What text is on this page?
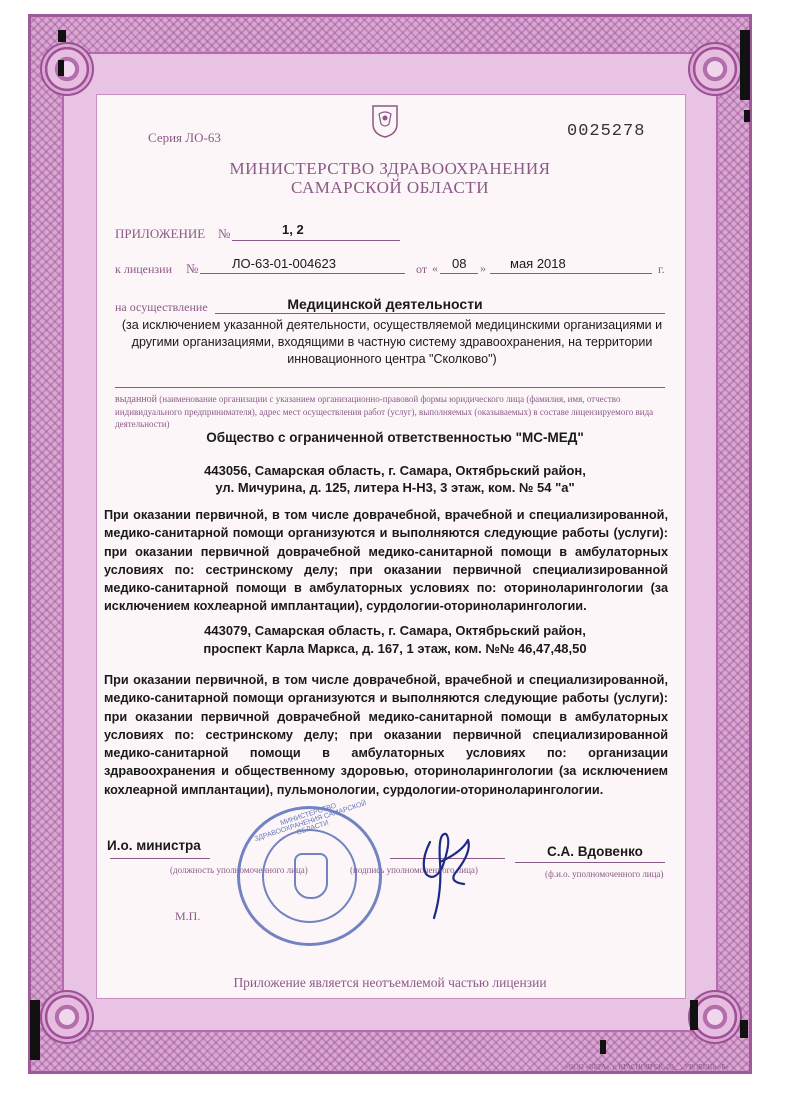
Серия ЛО-63	0025278
МИНИСТЕРСТВО ЗДРАВООХРАНЕНИЯ
САМАРСКОЙ ОБЛАСТИ
ПРИЛОЖЕНИЕ №	1, 2
к лицензии №	ЛО-63-01-004623	от « 08 » мая 2018	г.
на осуществление	Медицинской деятельности
(за исключением указанной деятельности, осуществляемой медицинскими организациями и другими организациями, входящими в частную систему здравоохранения, на территории инновационного центра "Сколково")
выданной (наименование организации с указанием организационно-правовой формы юридического лица (фамилия, имя, отчество индивидуального предпринимателя), адрес мест осуществления работ (услуг), выполняемых (оказываемых) в составе лицензируемого вида деятельности)
Общество с ограниченной ответственностью "МС-МЕД"
443056, Самарская область, г. Самара, Октябрьский район,
ул. Мичурина, д. 125, литера Н-Н3, 3 этаж, ком. № 54 "а"
При оказании первичной, в том числе доврачебной, врачебной и специализированной, медико-санитарной помощи организуются и выполняются следующие работы (услуги): при оказании первичной доврачебной медико-санитарной помощи в амбулаторных условиях по: сестринскому делу; при оказании первичной специализированной медико-санитарной помощи в амбулаторных условиях по: оториноларингологии (за исключением кохлеарной имплантации), сурдологии-оториноларингологии.
443079, Самарская область, г. Самара, Октябрьский район,
проспект Карла Маркса, д. 167, 1 этаж, ком. №№ 46,47,48,50
При оказании первичной, в том числе доврачебной, врачебной и специализированной, медико-санитарной помощи организуются и выполняются следующие работы (услуги): при оказании первичной доврачебной медико-санитарной помощи в амбулаторных условиях по: сестринскому делу; при оказании первичной специализированной медико-санитарной помощи в амбулаторных условиях по: организации здравоохранения и общественному здоровью, оториноларингологии (за исключением кохлеарной имплантации), пульмонологии, сурдологии-оториноларингологии.
И.о. министра
(должность уполномоченного лица)	(подпись уполномоченного лица)
С.А. Вдовенко
(ф.и.о. уполномоченного лица)
М.П.
МИНИСТЕРСТВО ЗДРАВООХРАНЕНИЯ САМАРСКОЙ ОБЛАСТИ
Приложение является неотъемлемой частью лицензии
«ООО «ВЕРА», г. КРАСНОЯРСК, 20__, УРОВЕНЬ «Б»
